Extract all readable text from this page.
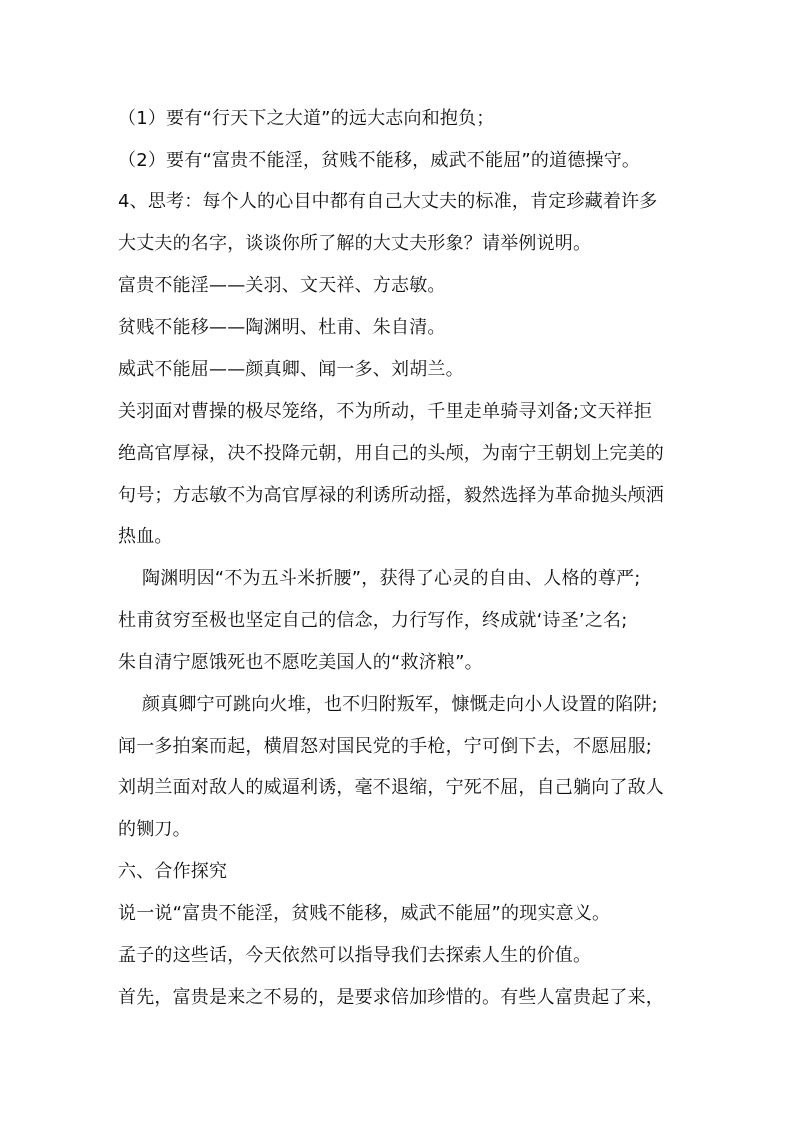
（1）要有“行天下之大道”的远大志向和抱负；
（2）要有“富贵不能淫，贫贱不能移，威武不能屈”的道德操守。
4、思考：每个人的心目中都有自己大丈夫的标准，肯定珍藏着许多
大丈夫的名字，谈谈你所了解的大丈夫形象？请举例说明。
富贵不能淫——关羽、文天祥、方志敏。
贫贱不能移——陶渊明、杜甫、朱自清。
威武不能屈——颜真卿、闻一多、刘胡兰。
关羽面对曹操的极尽笼络，不为所动，千里走单骑寻刘备;文天祥拒
绝高官厚禄，决不投降元朝，用自己的头颅，为南宁王朝划上完美的
句号；方志敏不为高官厚禄的利诱所动摇，毅然选择为革命抛头颅洒
热血。
陶渊明因“不为五斗米折腰”，获得了心灵的自由、人格的尊严;
杜甫贫穷至极也坚定自己的信念，力行写作，终成就‘诗圣’之名;
朱自清宁愿饿死也不愿吃美国人的“救济粮”。
颜真卿宁可跳向火堆，也不归附叛军，慷慨走向小人设置的陷阱;
闻一多拍案而起，横眉怒对国民党的手枪，宁可倒下去，不愿屈服;
刘胡兰面对敌人的威逼利诱，毫不退缩，宁死不屈，自己躺向了敌人
的铡刀。
六、合作探究
说一说“富贵不能淫，贫贱不能移，威武不能屈”的现实意义。
孟子的这些话，今天依然可以指导我们去探索人生的价值。
首先，富贵是来之不易的，是要求倍加珍惜的。有些人富贵起了来，
